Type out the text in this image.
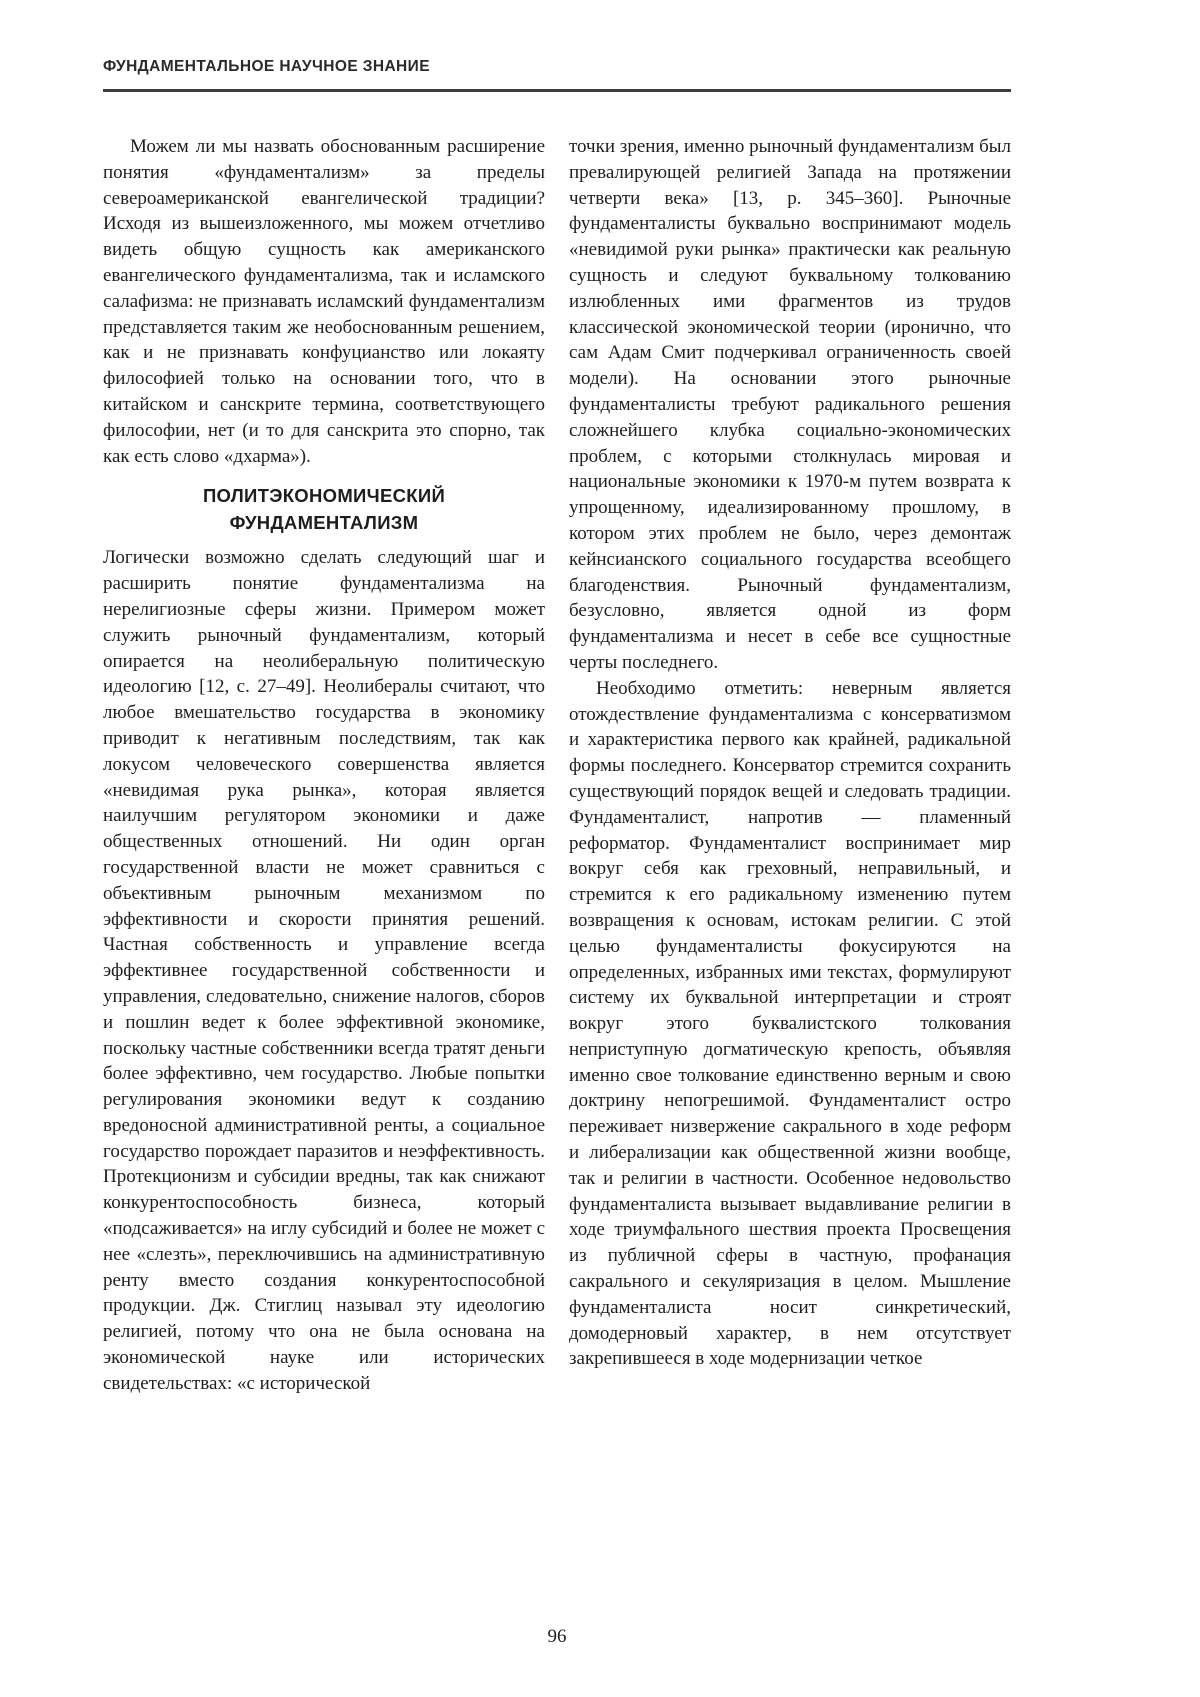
ФУНДАМЕНТАЛЬНОЕ НАУЧНОЕ ЗНАНИЕ

Можем ли мы назвать обоснованным расширение понятия «фундаментализм» за пределы североамериканской евангелической традиции? Исходя из вышеизложенного, мы можем отчетливо видеть общую сущность как американского евангелического фундаментализма, так и исламского салафизма: не признавать исламский фундаментализм представляется таким же необоснованным решением, как и не признавать конфуцианство или локаяту философией только на основании того, что в китайском и санскрите термина, соответствующего философии, нет (и то для санскрита это спорно, так как есть слово «дхарма»).

ПОЛИТЭКОНОМИЧЕСКИЙ
ФУНДАМЕНТАЛИЗМ

Логически возможно сделать следующий шаг и расширить понятие фундаментализма на нерелигиозные сферы жизни. Примером может служить рыночный фундаментализм, который опирается на неолиберальную политическую идеологию [12, с. 27–49]. Неолибералы считают, что любое вмешательство государства в экономику приводит к негативным последствиям, так как локусом человеческого совершенства является «невидимая рука рынка», которая является наилучшим регулятором экономики и даже общественных отношений. Ни один орган государственной власти не может сравниться с объективным рыночным механизмом по эффективности и скорости принятия решений. Частная собственность и управление всегда эффективнее государственной собственности и управления, следовательно, снижение налогов, сборов и пошлин ведет к более эффективной экономике, поскольку частные собственники всегда тратят деньги более эффективно, чем государство. Любые попытки регулирования экономики ведут к созданию вредоносной административной ренты, а социальное государство порождает паразитов и неэффективность. Протекционизм и субсидии вредны, так как снижают конкурентоспособность бизнеса, который «подсаживается» на иглу субсидий и более не может с нее «слезть», переключившись на административную ренту вместо создания конкурентоспособной продукции. Дж. Стиглиц называл эту идеологию религией, потому что она не была основана на экономической науке или исторических свидетельствах: «с исторической

точки зрения, именно рыночный фундаментализм был превалирующей религией Запада на протяжении четверти века» [13, p. 345–360]. Рыночные фундаменталисты буквально воспринимают модель «невидимой руки рынка» практически как реальную сущность и следуют буквальному толкованию излюбленных ими фрагментов из трудов классической экономической теории (иронично, что сам Адам Смит подчеркивал ограниченность своей модели). На основании этого рыночные фундаменталисты требуют радикального решения сложнейшего клубка социально-экономических проблем, с которыми столкнулась мировая и национальные экономики к 1970-м путем возврата к упрощенному, идеализированному прошлому, в котором этих проблем не было, через демонтаж кейнсианского социального государства всеобщего благоденствия. Рыночный фундаментализм, безусловно, является одной из форм фундаментализма и несет в себе все сущностные черты последнего.

Необходимо отметить: неверным является отождествление фундаментализма с консерватизмом и характеристика первого как крайней, радикальной формы последнего. Консерватор стремится сохранить существующий порядок вещей и следовать традиции. Фундаменталист, напротив — пламенный реформатор. Фундаменталист воспринимает мир вокруг себя как греховный, неправильный, и стремится к его радикальному изменению путем возвращения к основам, истокам религии. С этой целью фундаменталисты фокусируются на определенных, избранных ими текстах, формулируют систему их буквальной интерпретации и строят вокруг этого буквалистского толкования неприступную догматическую крепость, объявляя именно свое толкование единственно верным и свою доктрину непогрешимой. Фундаменталист остро переживает низвержение сакрального в ходе реформ и либерализации как общественной жизни вообще, так и религии в частности. Особенное недовольство фундаменталиста вызывает выдавливание религии в ходе триумфального шествия проекта Просвещения из публичной сферы в частную, профанация сакрального и секуляризация в целом. Мышление фундаменталиста носит синкретический, домодерновый характер, в нем отсутствует закрепившееся в ходе модернизации четкое

96
